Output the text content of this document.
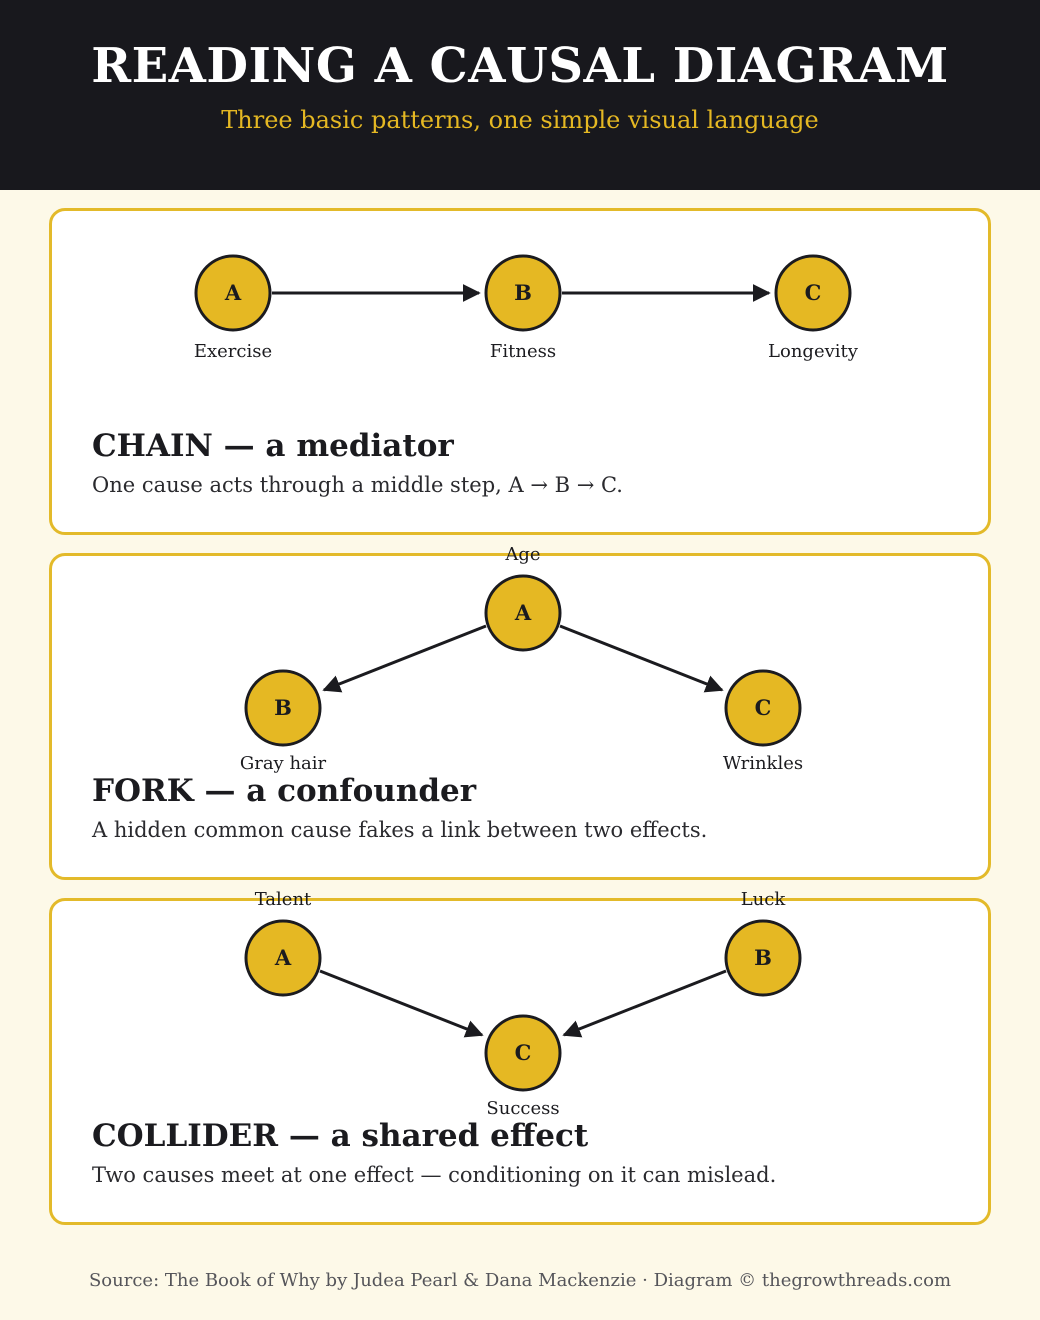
READING A CAUSAL DIAGRAM
Three basic patterns, one simple visual language
A
Exercise
B
Fitness
C
Longevity
CHAIN — a mediator
One cause acts through a middle step, A → B → C.
A
Age
B
Gray hair
C
Wrinkles
FORK — a confounder
A hidden common cause fakes a link between two effects.
A
Talent
B
Luck
C
Success
COLLIDER — a shared effect
Two causes meet at one effect — conditioning on it can mislead.
Source: The Book of Why by Judea Pearl & Dana Mackenzie · Diagram © thegrowthreads.com
